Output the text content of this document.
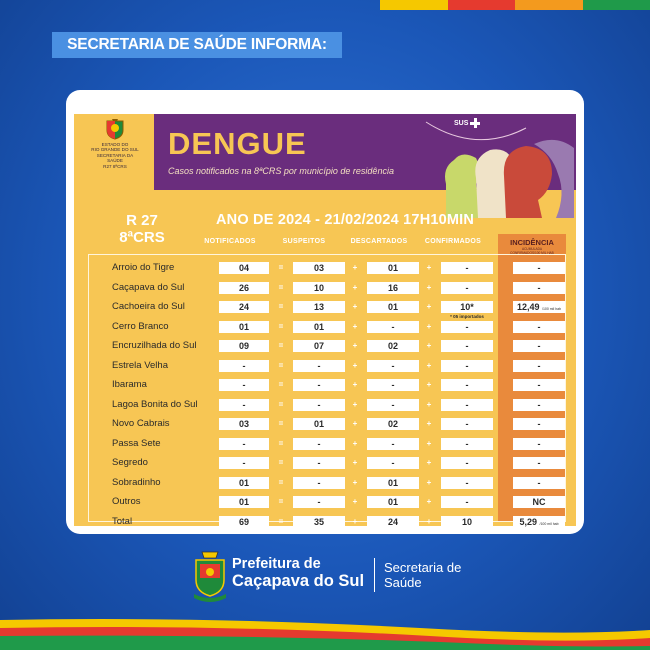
SECRETARIA DE SAÚDE INFORMA:
ESTADO DO
RIO GRANDE DO SUL
SECRETARIA DA SAÚDE
R27 8ªCRS
DENGUE
Casos notificados na 8ªCRS por município de residência
SUS
R 27
8ªCRS
ANO DE 2024 - 21/02/2024 17H10MIN
NOTIFICADOS	SUSPEITOS	DESCARTADOS CONFIRMADOS	INCIDÊNCIA
ACUMULADA
CONFIRMADOS/100 MIL HAB
Arroio do Tigre	04	=	03	+	01	+	-	-
Caçapava do Sul	26	=	10	+	16	+	-	-
Cachoeira do Sul	24	=	13	+	01	+	10*	12,49 /100 mil hab
* 05 importados
Cerro Branco	01	=	01	+	-	+	-	-
Encruzilhada do Sul	09	=	07	+	02	+	-	-
Estrela Velha	-	=	-	+	-	+	-	-
Ibarama	-	=	-	+	-	+	-	-
Lagoa Bonita do Sul	-	=	-	+	-	+	-	-
Novo Cabrais	03	=	01	+	02	+	-	-
Passa Sete	-	=	-	+	-	+	-	-
Segredo	-	=	-	+	-	+	-	-
Sobradinho	01	=	-	+	01	+	-	-
Outros	01	=	-	+	01	+	-	NC
Total	69	=	35	+	24	+	10	5,29 /100 mil hab
Prefeitura de
Caçapava do Sul
Secretaria de
Saúde
